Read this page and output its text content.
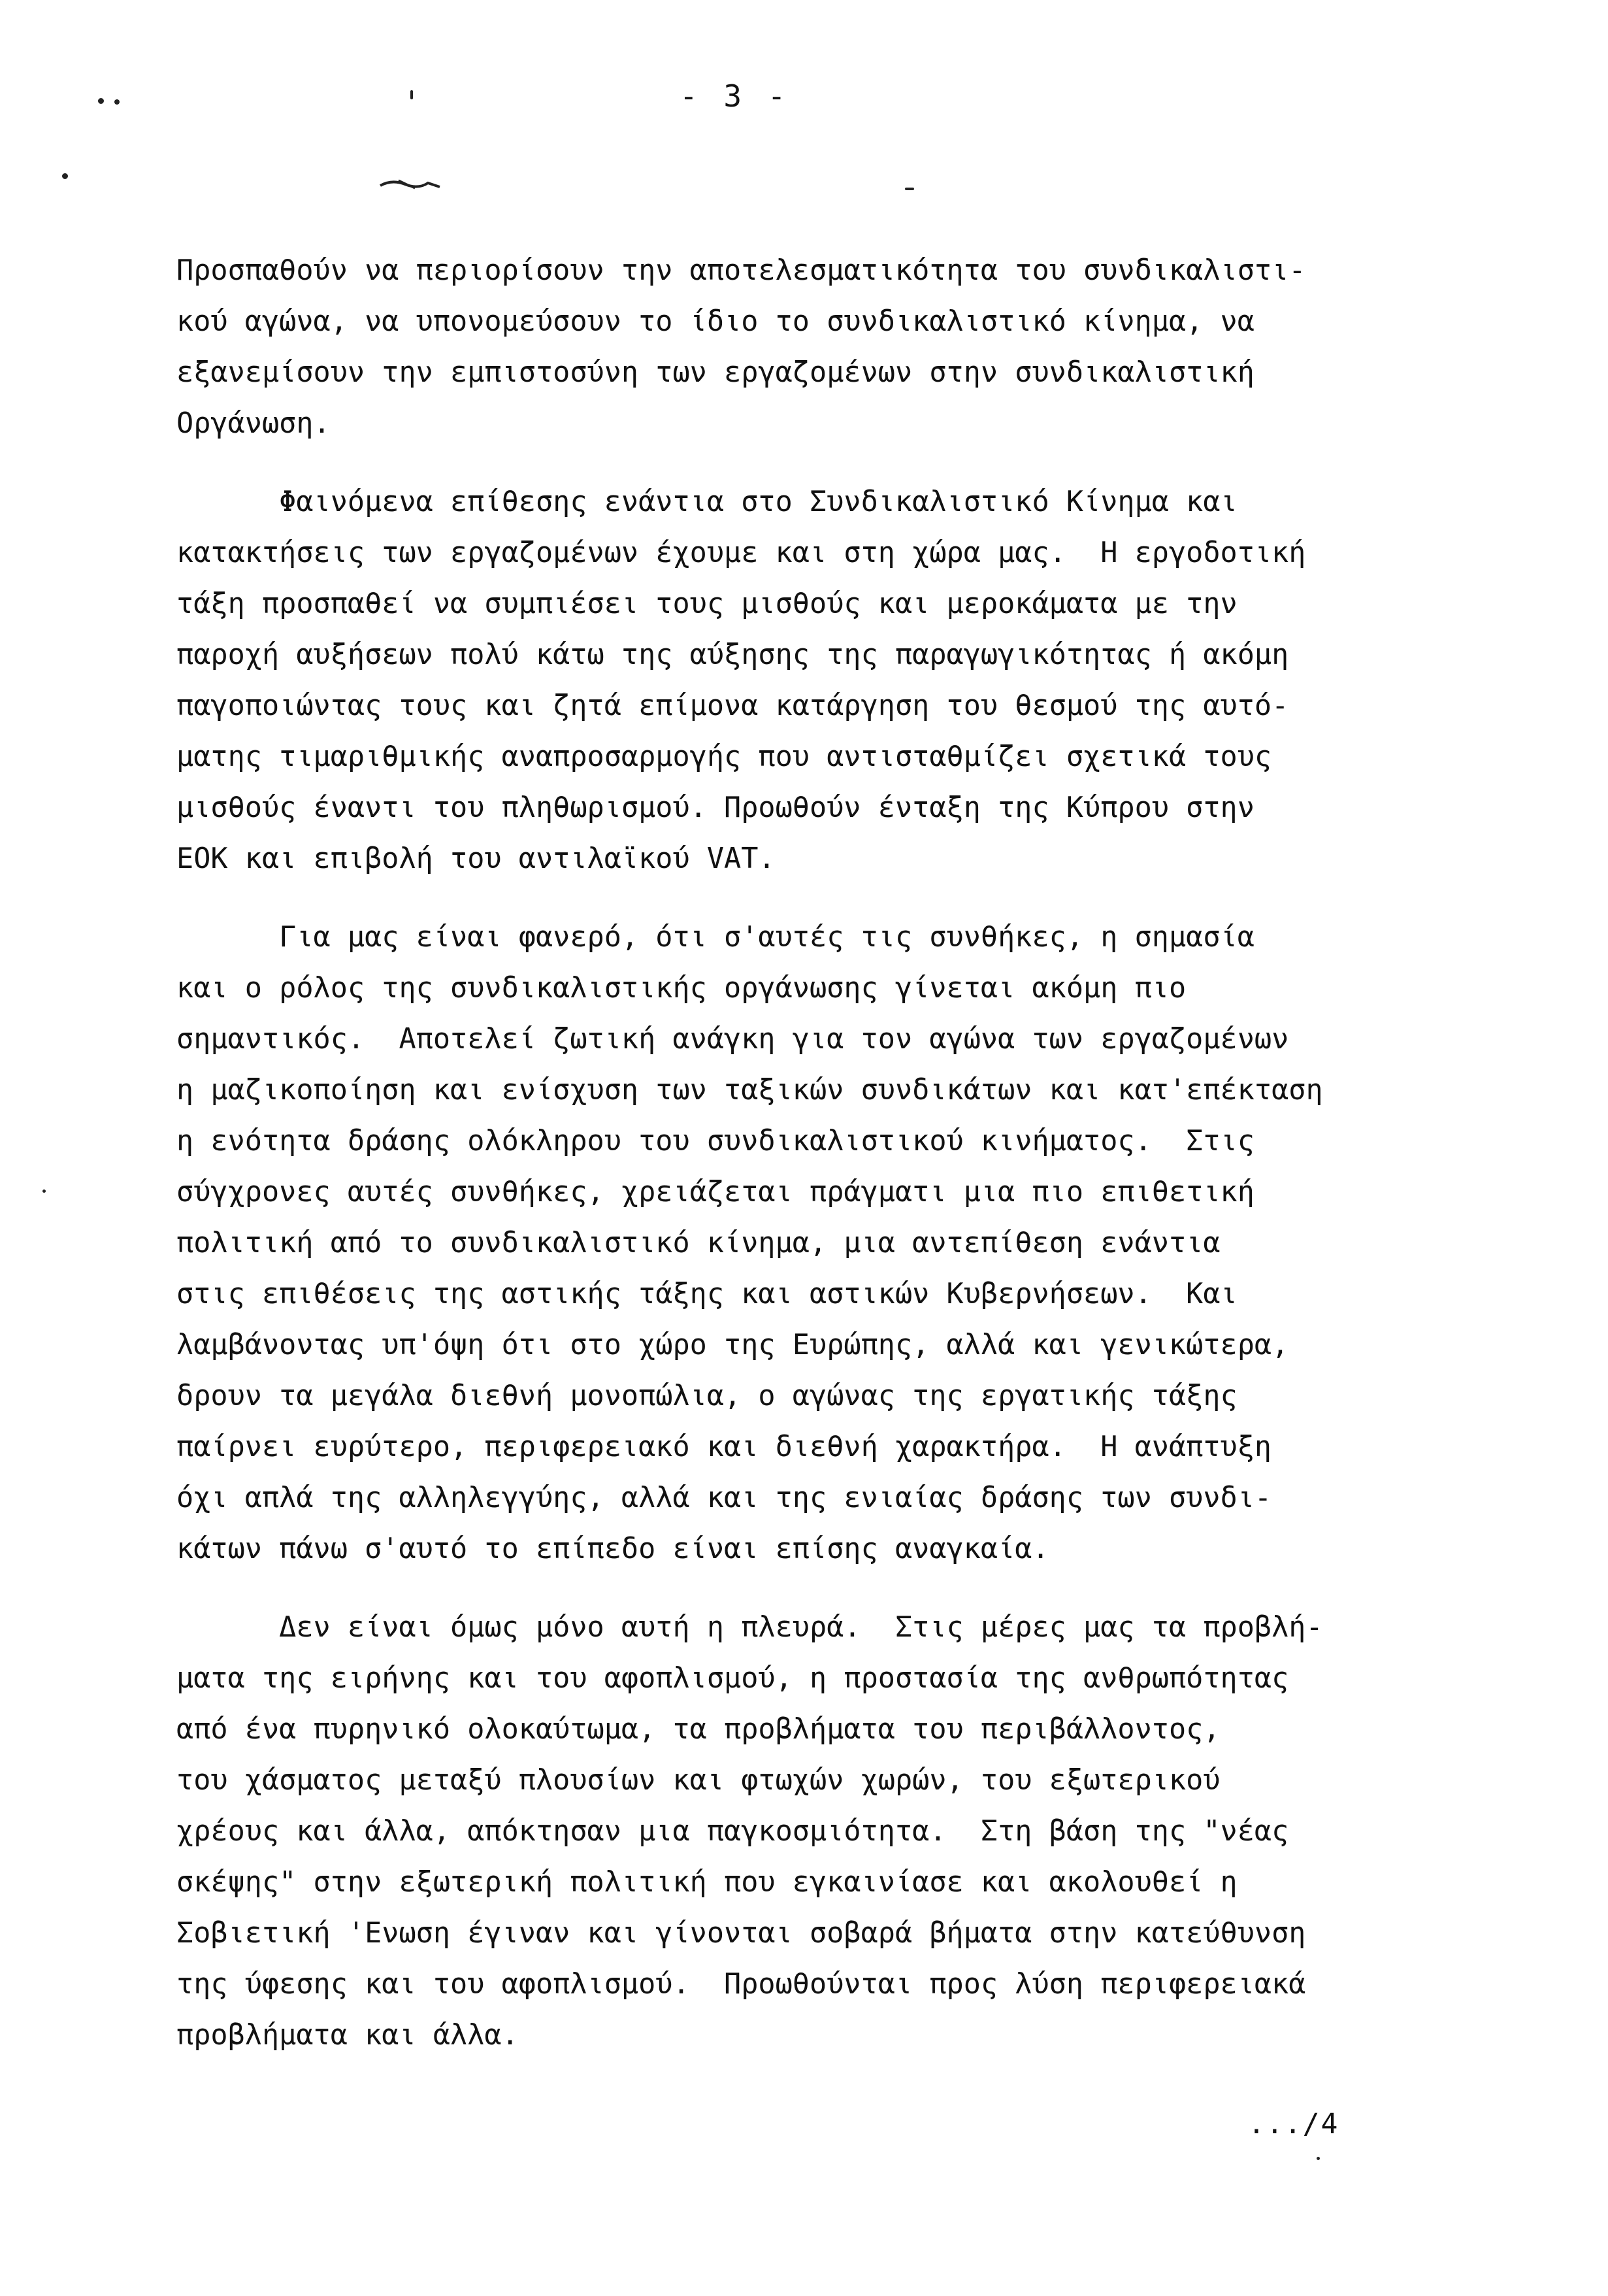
- 3 -
Προσπαθούν να περιορίσουν την αποτελεσματικότητα του συνδικαλιστι-
κού αγώνα, να υπονομεύσουν το ίδιο το συνδικαλιστικό κίνημα, να
εξανεμίσουν την εμπιστοσύνη των εργαζομένων στην συνδικαλιστική
Οργάνωση.
Φαινόμενα επίθεσης ενάντια στο Συνδικαλιστικό Κίνημα και
κατακτήσεις των εργαζομένων έχουμε και στη χώρα μας.  Η εργοδοτική
τάξη προσπαθεί να συμπιέσει τους μισθούς και μεροκάματα με την
παροχή αυξήσεων πολύ κάτω της αύξησης της παραγωγικότητας ή ακόμη
παγοποιώντας τους και ζητά επίμονα κατάργηση του θεσμού της αυτό-
ματης τιμαριθμικής αναπροσαρμογής που αντισταθμίζει σχετικά τους
μισθούς έναντι του πληθωρισμού. Προωθούν ένταξη της Κύπρου στην
ΕΟΚ και επιβολή του αντιλαϊκού VAT.
Για μας είναι φανερό, ότι σ'αυτές τις συνθήκες, η σημασία
και ο ρόλος της συνδικαλιστικής οργάνωσης γίνεται ακόμη πιο
σημαντικός.  Αποτελεί ζωτική ανάγκη για τον αγώνα των εργαζομένων
η μαζικοποίηση και ενίσχυση των ταξικών συνδικάτων και κατ'επέκταση
η ενότητα δράσης ολόκληρου του συνδικαλιστικού κινήματος.  Στις
σύγχρονες αυτές συνθήκες, χρειάζεται πράγματι μια πιο επιθετική
πολιτική από το συνδικαλιστικό κίνημα, μια αντεπίθεση ενάντια
στις επιθέσεις της αστικής τάξης και αστικών Κυβερνήσεων.  Και
λαμβάνοντας υπ'όψη ότι στο χώρο της Ευρώπης, αλλά και γενικώτερα,
δρουν τα μεγάλα διεθνή μονοπώλια, ο αγώνας της εργατικής τάξης
παίρνει ευρύτερο, περιφερειακό και διεθνή χαρακτήρα.  Η ανάπτυξη
όχι απλά της αλληλεγγύης, αλλά και της ενιαίας δράσης των συνδι-
κάτων πάνω σ'αυτό το επίπεδο είναι επίσης αναγκαία.
Δεν είναι όμως μόνο αυτή η πλευρά.  Στις μέρες μας τα προβλή-
ματα της ειρήνης και του αφοπλισμού, η προστασία της ανθρωπότητας
από ένα πυρηνικό ολοκαύτωμα, τα προβλήματα του περιβάλλοντος,
του χάσματος μεταξύ πλουσίων και φτωχών χωρών, του εξωτερικού
χρέους και άλλα, απόκτησαν μια παγκοσμιότητα.  Στη βάση της "νέας
σκέψης" στην εξωτερική πολιτική που εγκαινίασε και ακολουθεί η
Σοβιετική 'Ενωση έγιναν και γίνονται σοβαρά βήματα στην κατεύθυνση
της ύφεσης και του αφοπλισμού.  Προωθούνται προς λύση περιφερειακά
προβλήματα και άλλα.
.../4
